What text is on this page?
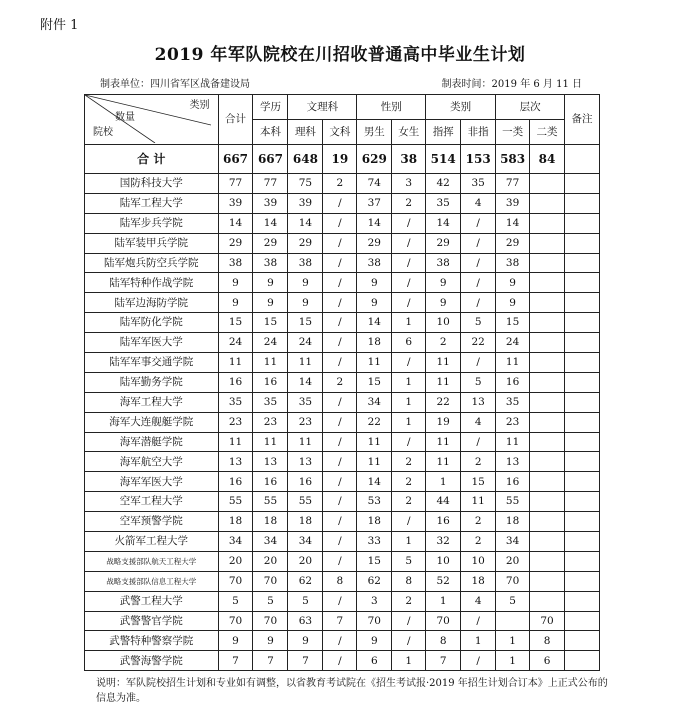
附件 1
2019 年军队院校在川招收普通高中毕业生计划
制表单位：四川省军区战备建设局	制表时间：2019 年 6 月 11 日
类别
数量
院校	合计	学历	文理科		性别		类别		层次		备注
		本科	理科	文科	男生	女生	指挥	非指	一类	二类	
合 计	667	667	648	19	629	38	514	153	583	84	
国防科技大学	77	77	75	2	74	3	42	35	77		
陆军工程大学	39	39	39	/	37	2	35	4	39		
陆军步兵学院	14	14	14	/	14	/	14	/	14		
陆军装甲兵学院	29	29	29	/	29	/	29	/	29		
陆军炮兵防空兵学院	38	38	38	/	38	/	38	/	38		
陆军特种作战学院	9	9	9	/	9	/	9	/	9		
陆军边海防学院	9	9	9	/	9	/	9	/	9		
陆军防化学院	15	15	15	/	14	1	10	5	15		
陆军军医大学	24	24	24	/	18	6	2	22	24		
陆军军事交通学院	11	11	11	/	11	/	11	/	11		
陆军勤务学院	16	16	14	2	15	1	11	5	16		
海军工程大学	35	35	35	/	34	1	22	13	35		
海军大连舰艇学院	23	23	23	/	22	1	19	4	23		
海军潜艇学院	11	11	11	/	11	/	11	/	11		
海军航空大学	13	13	13	/	11	2	11	2	13		
海军军医大学	16	16	16	/	14	2	1	15	16		
空军工程大学	55	55	55	/	53	2	44	11	55		
空军预警学院	18	18	18	/	18	/	16	2	18		
火箭军工程大学	34	34	34	/	33	1	32	2	34		
战略支援部队航天工程大学	20	20	20	/	15	5	10	10	20		
战略支援部队信息工程大学	70	70	62	8	62	8	52	18	70		
武警工程大学	5	5	5	/	3	2	1	4	5		
武警警官学院	70	70	63	7	70	/	70	/		70	
武警特种警察学院	9	9	9	/	9	/	8	1	1	8	
武警海警学院	7	7	7	/	6	1	7	/	1	6	
说明：军队院校招生计划和专业如有调整，以省教育考试院在《招生考试报·2019 年招生计划合订本》上正式公布的信息为准。
